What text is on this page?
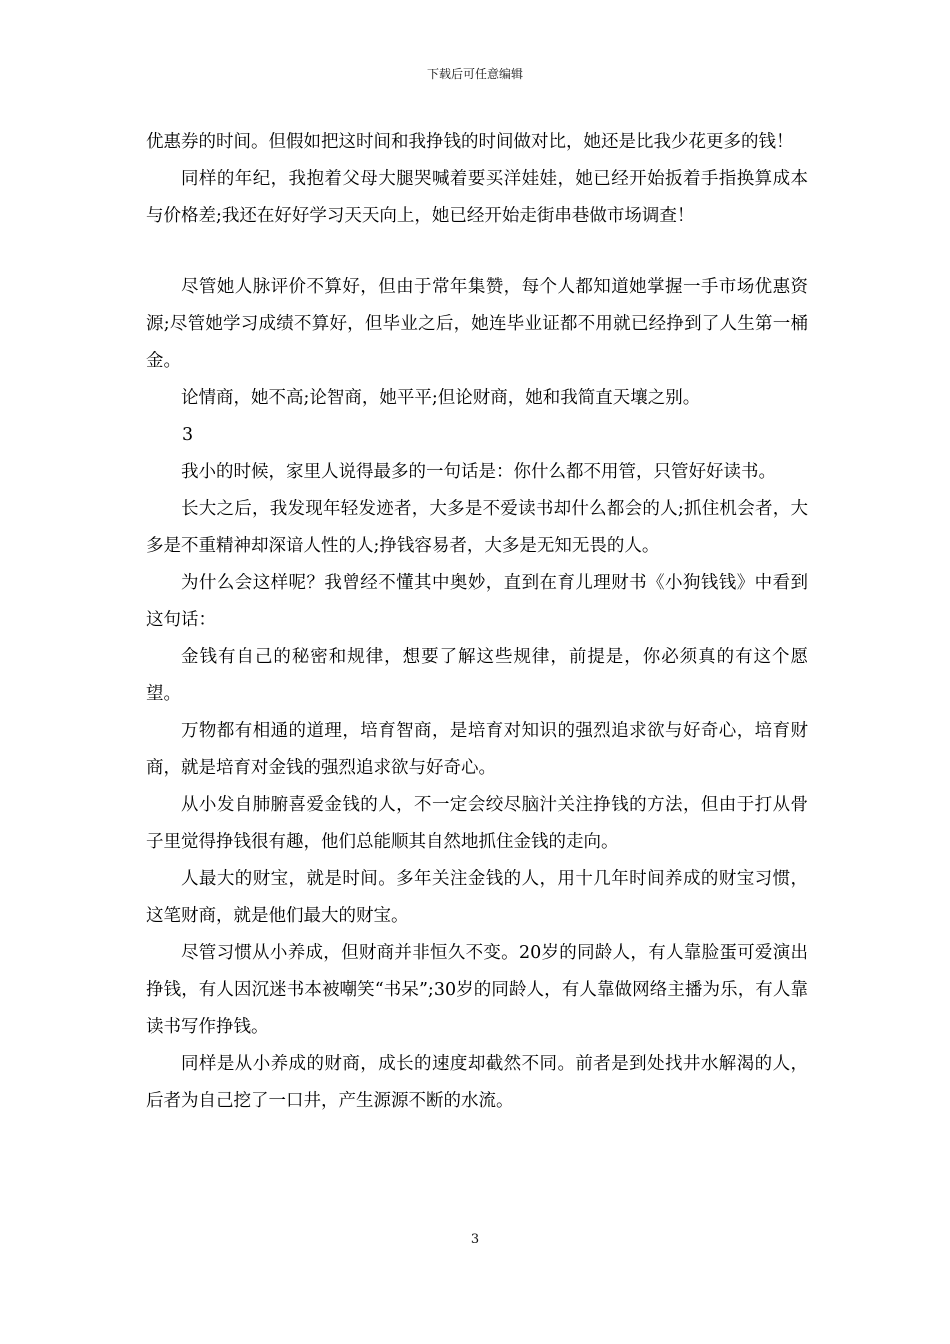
下载后可任意编辑

优惠券的时间。但假如把这时间和我挣钱的时间做对比，她还是比我少花更多的钱！

同样的年纪，我抱着父母大腿哭喊着要买洋娃娃，她已经开始扳着手指换算成本与价格差;我还在好好学习天天向上，她已经开始走街串巷做市场调查！

尽管她人脉评价不算好，但由于常年集赞，每个人都知道她掌握一手市场优惠资源;尽管她学习成绩不算好，但毕业之后，她连毕业证都不用就已经挣到了人生第一桶金。

论情商，她不高;论智商，她平平;但论财商，她和我简直天壤之别。

3

我小的时候，家里人说得最多的一句话是：你什么都不用管，只管好好读书。

长大之后，我发现年轻发迹者，大多是不爱读书却什么都会的人;抓住机会者，大多是不重精神却深谙人性的人;挣钱容易者，大多是无知无畏的人。

为什么会这样呢？我曾经不懂其中奥妙，直到在育儿理财书《小狗钱钱》中看到这句话：

金钱有自己的秘密和规律，想要了解这些规律，前提是，你必须真的有这个愿望。

万物都有相通的道理，培育智商，是培育对知识的强烈追求欲与好奇心，培育财商，就是培育对金钱的强烈追求欲与好奇心。

从小发自肺腑喜爱金钱的人，不一定会绞尽脑汁关注挣钱的方法，但由于打从骨子里觉得挣钱很有趣，他们总能顺其自然地抓住金钱的走向。

人最大的财宝，就是时间。多年关注金钱的人，用十几年时间养成的财宝习惯，这笔财商，就是他们最大的财宝。

尽管习惯从小养成，但财商并非恒久不变。20岁的同龄人，有人靠脸蛋可爱演出挣钱，有人因沉迷书本被嘲笑“书呆”;30岁的同龄人，有人靠做网络主播为乐，有人靠读书写作挣钱。

同样是从小养成的财商，成长的速度却截然不同。前者是到处找井水解渴的人，后者为自己挖了一口井，产生源源不断的水流。

3
